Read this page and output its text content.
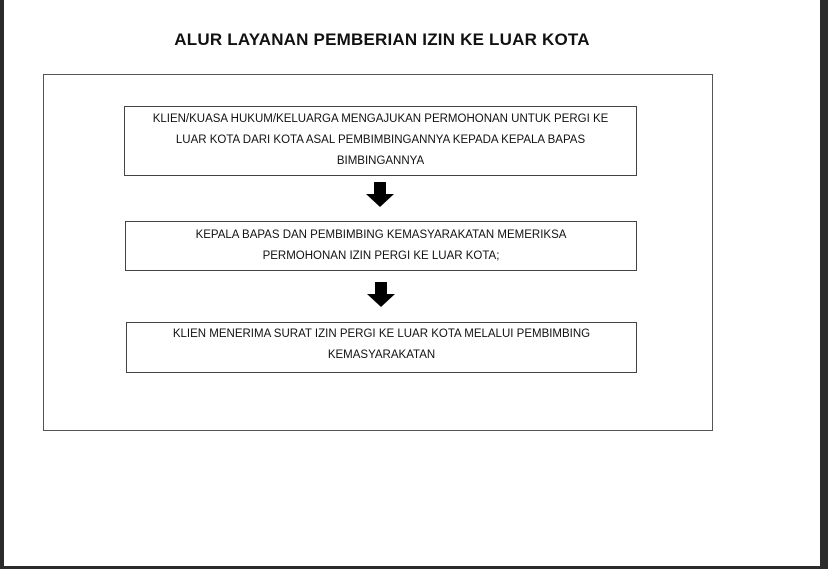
ALUR LAYANAN PEMBERIAN IZIN KE LUAR KOTA
KLIEN/KUASA HUKUM/KELUARGA MENGAJUKAN PERMOHONAN UNTUK PERGI KE
LUAR KOTA DARI KOTA ASAL PEMBIMBINGANNYA KEPADA KEPALA BAPAS
BIMBINGANNYA
KEPALA BAPAS DAN PEMBIMBING KEMASYARAKATAN MEMERIKSA
PERMOHONAN IZIN PERGI KE LUAR KOTA;
KLIEN MENERIMA SURAT IZIN PERGI KE LUAR KOTA MELALUI PEMBIMBING
KEMASYARAKATAN
